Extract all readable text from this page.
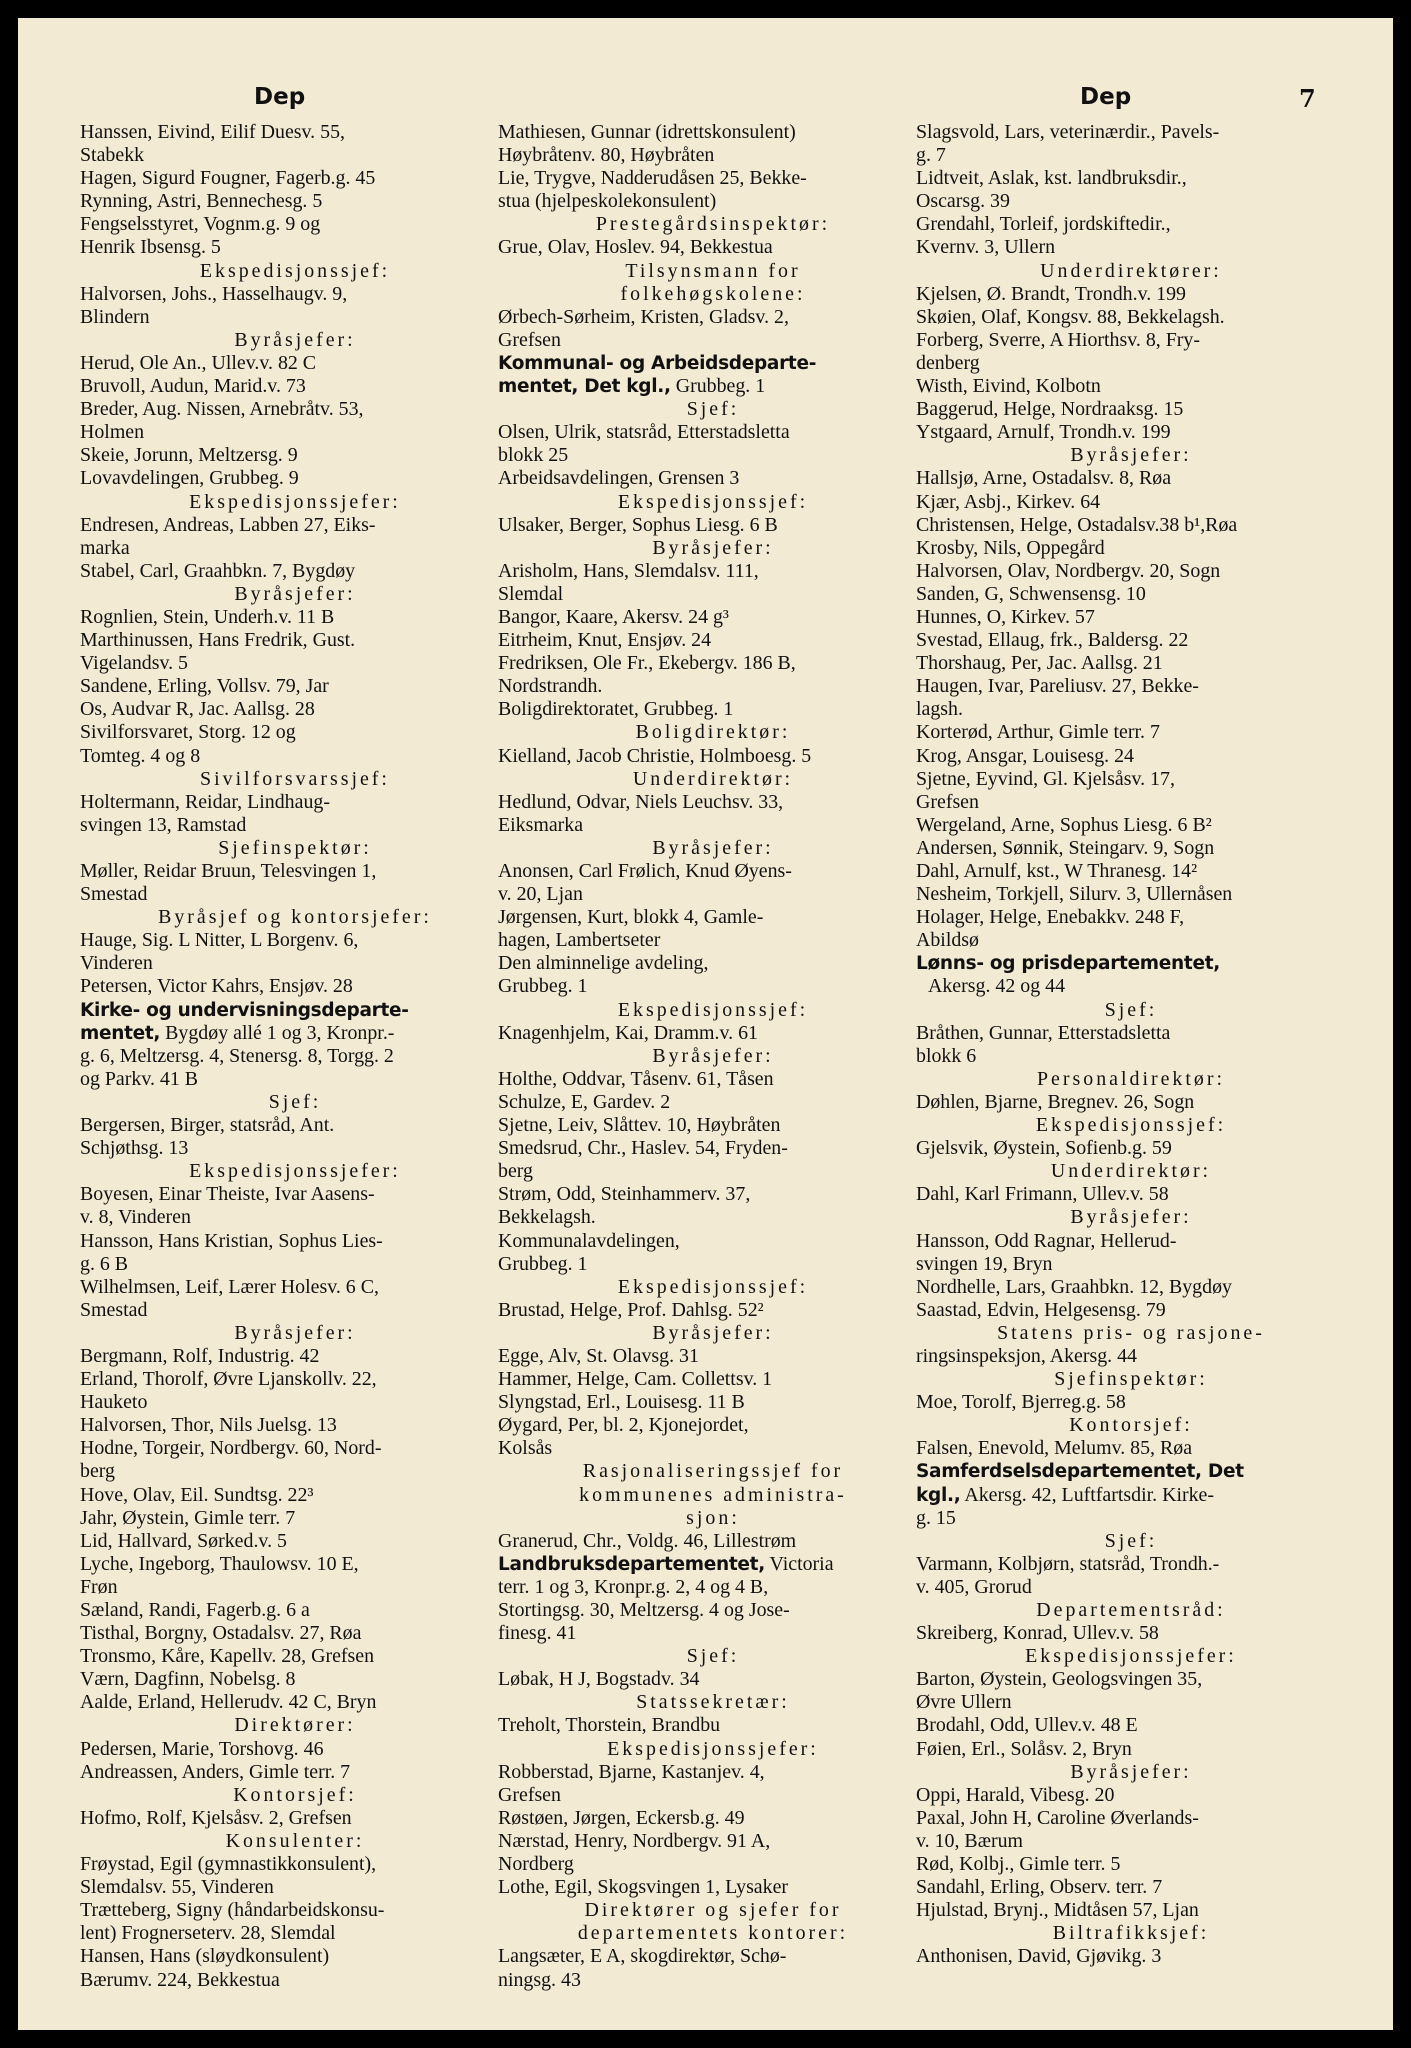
Dep	Dep	7
Hanssen, Eivind, Eilif Duesv. 55,
Stabekk
Hagen, Sigurd Fougner, Fagerb.g. 45
Rynning, Astri, Bennechesg. 5
Fengselsstyret, Vognm.g. 9 og
Henrik Ibsensg. 5
Ekspedisjonssjef:
Halvorsen, Johs., Hasselhaugv. 9,
Blindern
Byråsjefer:
Herud, Ole An., Ullev.v. 82 C
Bruvoll, Audun, Marid.v. 73
Breder, Aug. Nissen, Arnebråtv. 53,
Holmen
Skeie, Jorunn, Meltzersg. 9
Lovavdelingen, Grubbeg. 9
Ekspedisjonssjefer:
Endresen, Andreas, Labben 27, Eiks-
marka
Stabel, Carl, Graahbkn. 7, Bygdøy
Byråsjefer:
Rognlien, Stein, Underh.v. 11 B
Marthinussen, Hans Fredrik, Gust.
Vigelandsv. 5
Sandene, Erling, Vollsv. 79, Jar
Os, Audvar R, Jac. Aallsg. 28
Sivilforsvaret, Storg. 12 og
Tomteg. 4 og 8
Sivilforsvarssjef:
Holtermann, Reidar, Lindhaug-
svingen 13, Ramstad
Sjefinspektør:
Møller, Reidar Bruun, Telesvingen 1,
Smestad
Byråsjef og kontorsjefer:
Hauge, Sig. L Nitter, L Borgenv. 6,
Vinderen
Petersen, Victor Kahrs, Ensjøv. 28
Kirke- og undervisningsdeparte-
mentet, Bygdøy allé 1 og 3, Kronpr.-
g. 6, Meltzersg. 4, Stenersg. 8, Torgg. 2
og Parkv. 41 B
Sjef:
Bergersen, Birger, statsråd, Ant.
Schjøthsg. 13
Ekspedisjonssjefer:
Boyesen, Einar Theiste, Ivar Aasens-
v. 8, Vinderen
Hansson, Hans Kristian, Sophus Lies-
g. 6 B
Wilhelmsen, Leif, Lærer Holesv. 6 C,
Smestad
Byråsjefer:
Bergmann, Rolf, Industrig. 42
Erland, Thorolf, Øvre Ljanskollv. 22,
Hauketo
Halvorsen, Thor, Nils Juelsg. 13
Hodne, Torgeir, Nordbergv. 60, Nord-
berg
Hove, Olav, Eil. Sundtsg. 22³
Jahr, Øystein, Gimle terr. 7
Lid, Hallvard, Sørked.v. 5
Lyche, Ingeborg, Thaulowsv. 10 E,
Frøn
Sæland, Randi, Fagerb.g. 6 a
Tisthal, Borgny, Ostadalsv. 27, Røa
Tronsmo, Kåre, Kapellv. 28, Grefsen
Værn, Dagfinn, Nobelsg. 8
Aalde, Erland, Hellerudv. 42 C, Bryn
Direktører:
Pedersen, Marie, Torshovg. 46
Andreassen, Anders, Gimle terr. 7
Kontorsjef:
Hofmo, Rolf, Kjelsåsv. 2, Grefsen
Konsulenter:
Frøystad, Egil (gymnastikkonsulent),
Slemdalsv. 55, Vinderen
Trætteberg, Signy (håndarbeidskonsu-
lent) Frognerseterv. 28, Slemdal
Hansen, Hans (sløydkonsulent)
Bærumv. 224, Bekkestua
Mathiesen, Gunnar (idrettskonsulent)
Høybråtenv. 80, Høybråten
Lie, Trygve, Nadderudåsen 25, Bekke-
stua (hjelpeskolekonsulent)
Prestegårdsinspektør:
Grue, Olav, Hoslev. 94, Bekkestua
Tilsynsmann for
folkehøgskolene:
Ørbech-Sørheim, Kristen, Gladsv. 2,
Grefsen
Kommunal- og Arbeidsdeparte-
mentet, Det kgl., Grubbeg. 1
Sjef:
Olsen, Ulrik, statsråd, Etterstadsletta
blokk 25
Arbeidsavdelingen, Grensen 3
Ekspedisjonssjef:
Ulsaker, Berger, Sophus Liesg. 6 B
Byråsjefer:
Arisholm, Hans, Slemdalsv. 111,
Slemdal
Bangor, Kaare, Akersv. 24 g³
Eitrheim, Knut, Ensjøv. 24
Fredriksen, Ole Fr., Ekebergv. 186 B,
Nordstrandh.
Boligdirektoratet, Grubbeg. 1
Boligdirektør:
Kielland, Jacob Christie, Holmboesg. 5
Underdirektør:
Hedlund, Odvar, Niels Leuchsv. 33,
Eiksmarka
Byråsjefer:
Anonsen, Carl Frølich, Knud Øyens-
v. 20, Ljan
Jørgensen, Kurt, blokk 4, Gamle-
hagen, Lambertseter
Den alminnelige avdeling,
Grubbeg. 1
Ekspedisjonssjef:
Knagenhjelm, Kai, Dramm.v. 61
Byråsjefer:
Holthe, Oddvar, Tåsenv. 61, Tåsen
Schulze, E, Gardev. 2
Sjetne, Leiv, Slåttev. 10, Høybråten
Smedsrud, Chr., Haslev. 54, Fryden-
berg
Strøm, Odd, Steinhammerv. 37,
Bekkelagsh.
Kommunalavdelingen,
Grubbeg. 1
Ekspedisjonssjef:
Brustad, Helge, Prof. Dahlsg. 52²
Byråsjefer:
Egge, Alv, St. Olavsg. 31
Hammer, Helge, Cam. Collettsv. 1
Slyngstad, Erl., Louisesg. 11 B
Øygard, Per, bl. 2, Kjonejordet,
Kolsås
Rasjonaliseringssjef for
kommunenes administra-
sjon:
Granerud, Chr., Voldg. 46, Lillestrøm
Landbruksdepartementet, Victoria
terr. 1 og 3, Kronpr.g. 2, 4 og 4 B,
Stortingsg. 30, Meltzersg. 4 og Jose-
finesg. 41
Sjef:
Løbak, H J, Bogstadv. 34
Statssekretær:
Treholt, Thorstein, Brandbu
Ekspedisjonssjefer:
Robberstad, Bjarne, Kastanjev. 4,
Grefsen
Røstøen, Jørgen, Eckersb.g. 49
Nærstad, Henry, Nordbergv. 91 A,
Nordberg
Lothe, Egil, Skogsvingen 1, Lysaker
Direktører og sjefer for
departementets kontorer:
Langsæter, E A, skogdirektør, Schø-
ningsg. 43
Slagsvold, Lars, veterinærdir., Pavels-
g. 7
Lidtveit, Aslak, kst. landbruksdir.,
Oscarsg. 39
Grendahl, Torleif, jordskiftedir.,
Kvernv. 3, Ullern
Underdirektører:
Kjelsen, Ø. Brandt, Trondh.v. 199
Skøien, Olaf, Kongsv. 88, Bekkelagsh.
Forberg, Sverre, A Hiorthsv. 8, Fry-
denberg
Wisth, Eivind, Kolbotn
Baggerud, Helge, Nordraaksg. 15
Ystgaard, Arnulf, Trondh.v. 199
Byråsjefer:
Hallsjø, Arne, Ostadalsv. 8, Røa
Kjær, Asbj., Kirkev. 64
Christensen, Helge, Ostadalsv.38 b¹,Røa
Krosby, Nils, Oppegård
Halvorsen, Olav, Nordbergv. 20, Sogn
Sanden, G, Schwensensg. 10
Hunnes, O, Kirkev. 57
Svestad, Ellaug, frk., Baldersg. 22
Thorshaug, Per, Jac. Aallsg. 21
Haugen, Ivar, Pareliusv. 27, Bekke-
lagsh.
Korterød, Arthur, Gimle terr. 7
Krog, Ansgar, Louisesg. 24
Sjetne, Eyvind, Gl. Kjelsåsv. 17,
Grefsen
Wergeland, Arne, Sophus Liesg. 6 B²
Andersen, Sønnik, Steingarv. 9, Sogn
Dahl, Arnulf, kst., W Thranesg. 14²
Nesheim, Torkjell, Silurv. 3, Ullernåsen
Holager, Helge, Enebakkv. 248 F,
Abildsø
Lønns- og prisdepartementet,
Akersg. 42 og 44
Sjef:
Bråthen, Gunnar, Etterstadsletta
blokk 6
Personaldirektør:
Døhlen, Bjarne, Bregnev. 26, Sogn
Ekspedisjonssjef:
Gjelsvik, Øystein, Sofienb.g. 59
Underdirektør:
Dahl, Karl Frimann, Ullev.v. 58
Byråsjefer:
Hansson, Odd Ragnar, Hellerud-
svingen 19, Bryn
Nordhelle, Lars, Graahbkn. 12, Bygdøy
Saastad, Edvin, Helgesensg. 79
Statens pris- og rasjone-
ringsinspeksjon, Akersg. 44
Sjefinspektør:
Moe, Torolf, Bjerreg.g. 58
Kontorsjef:
Falsen, Enevold, Melumv. 85, Røa
Samferdselsdepartementet, Det
kgl., Akersg. 42, Luftfartsdir. Kirke-
g. 15
Sjef:
Varmann, Kolbjørn, statsråd, Trondh.-
v. 405, Grorud
Departementsråd:
Skreiberg, Konrad, Ullev.v. 58
Ekspedisjonssjefer:
Barton, Øystein, Geologsvingen 35,
Øvre Ullern
Brodahl, Odd, Ullev.v. 48 E
Føien, Erl., Solåsv. 2, Bryn
Byråsjefer:
Oppi, Harald, Vibesg. 20
Paxal, John H, Caroline Øverlands-
v. 10, Bærum
Rød, Kolbj., Gimle terr. 5
Sandahl, Erling, Observ. terr. 7
Hjulstad, Brynj., Midtåsen 57, Ljan
Biltrafikksjef:
Anthonisen, David, Gjøvikg. 3
